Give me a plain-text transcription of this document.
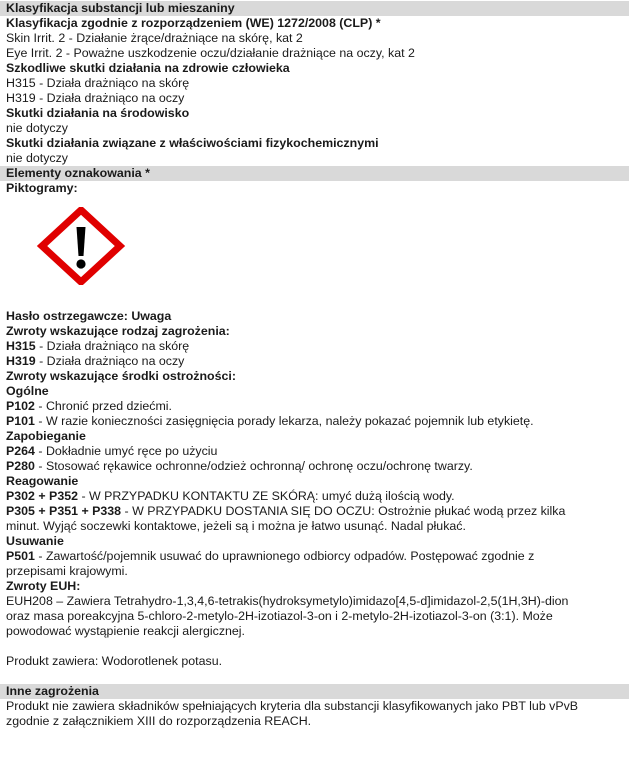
Klasyfikacja substancji lub mieszaniny
Klasyfikacja zgodnie z rozporządzeniem (WE) 1272/2008 (CLP) *
Skin Irrit. 2 - Działanie żrące/drażniące na skórę, kat 2
Eye Irrit. 2 - Poważne uszkodzenie oczu/działanie drażniące na oczy, kat 2
Szkodliwe skutki działania na zdrowie człowieka
H315 - Działa drażniąco na skórę
H319 - Działa drażniąco na oczy
Skutki działania na środowisko
nie dotyczy
Skutki działania związane z właściwościami fizykochemicznymi
nie dotyczy
Elementy oznakowania *
Piktogramy:
Hasło ostrzegawcze: Uwaga
Zwroty wskazujące rodzaj zagrożenia:
H315 - Działa drażniąco na skórę
H319 - Działa drażniąco na oczy
Zwroty wskazujące środki ostrożności:
Ogólne
P102 - Chronić przed dziećmi.
P101 - W razie konieczności zasięgnięcia porady lekarza, należy pokazać pojemnik lub etykietę.
Zapobieganie
P264 - Dokładnie umyć ręce po użyciu
P280 - Stosować rękawice ochronne/odzież ochronną/ ochronę oczu/ochronę twarzy.
Reagowanie
P302 + P352 - W PRZYPADKU KONTAKTU ZE SKÓRĄ: umyć dużą ilością wody.
P305 + P351 + P338 - W PRZYPADKU DOSTANIA SIĘ DO OCZU: Ostrożnie płukać wodą przez kilka
minut. Wyjąć soczewki kontaktowe, jeżeli są i można je łatwo usunąć. Nadal płukać.
Usuwanie
P501 - Zawartość/pojemnik usuwać do uprawnionego odbiorcy odpadów. Postępować zgodnie z
przepisami krajowymi.
Zwroty EUH:
EUH208 – Zawiera Tetrahydro-1,3,4,6-tetrakis(hydroksymetylo)imidazo[4,5-d]imidazol-2,5(1H,3H)-dion
oraz masa poreakcyjna 5-chloro-2-metylo-2H-izotiazol-3-on i 2-metylo-2H-izotiazol-3-on (3:1). Może
powodować wystąpienie reakcji alergicznej.
Produkt zawiera: Wodorotlenek potasu.
Inne zagrożenia
Produkt nie zawiera składników spełniających kryteria dla substancji klasyfikowanych jako PBT lub vPvB
zgodnie z załącznikiem XIII do rozporządzenia REACH.
